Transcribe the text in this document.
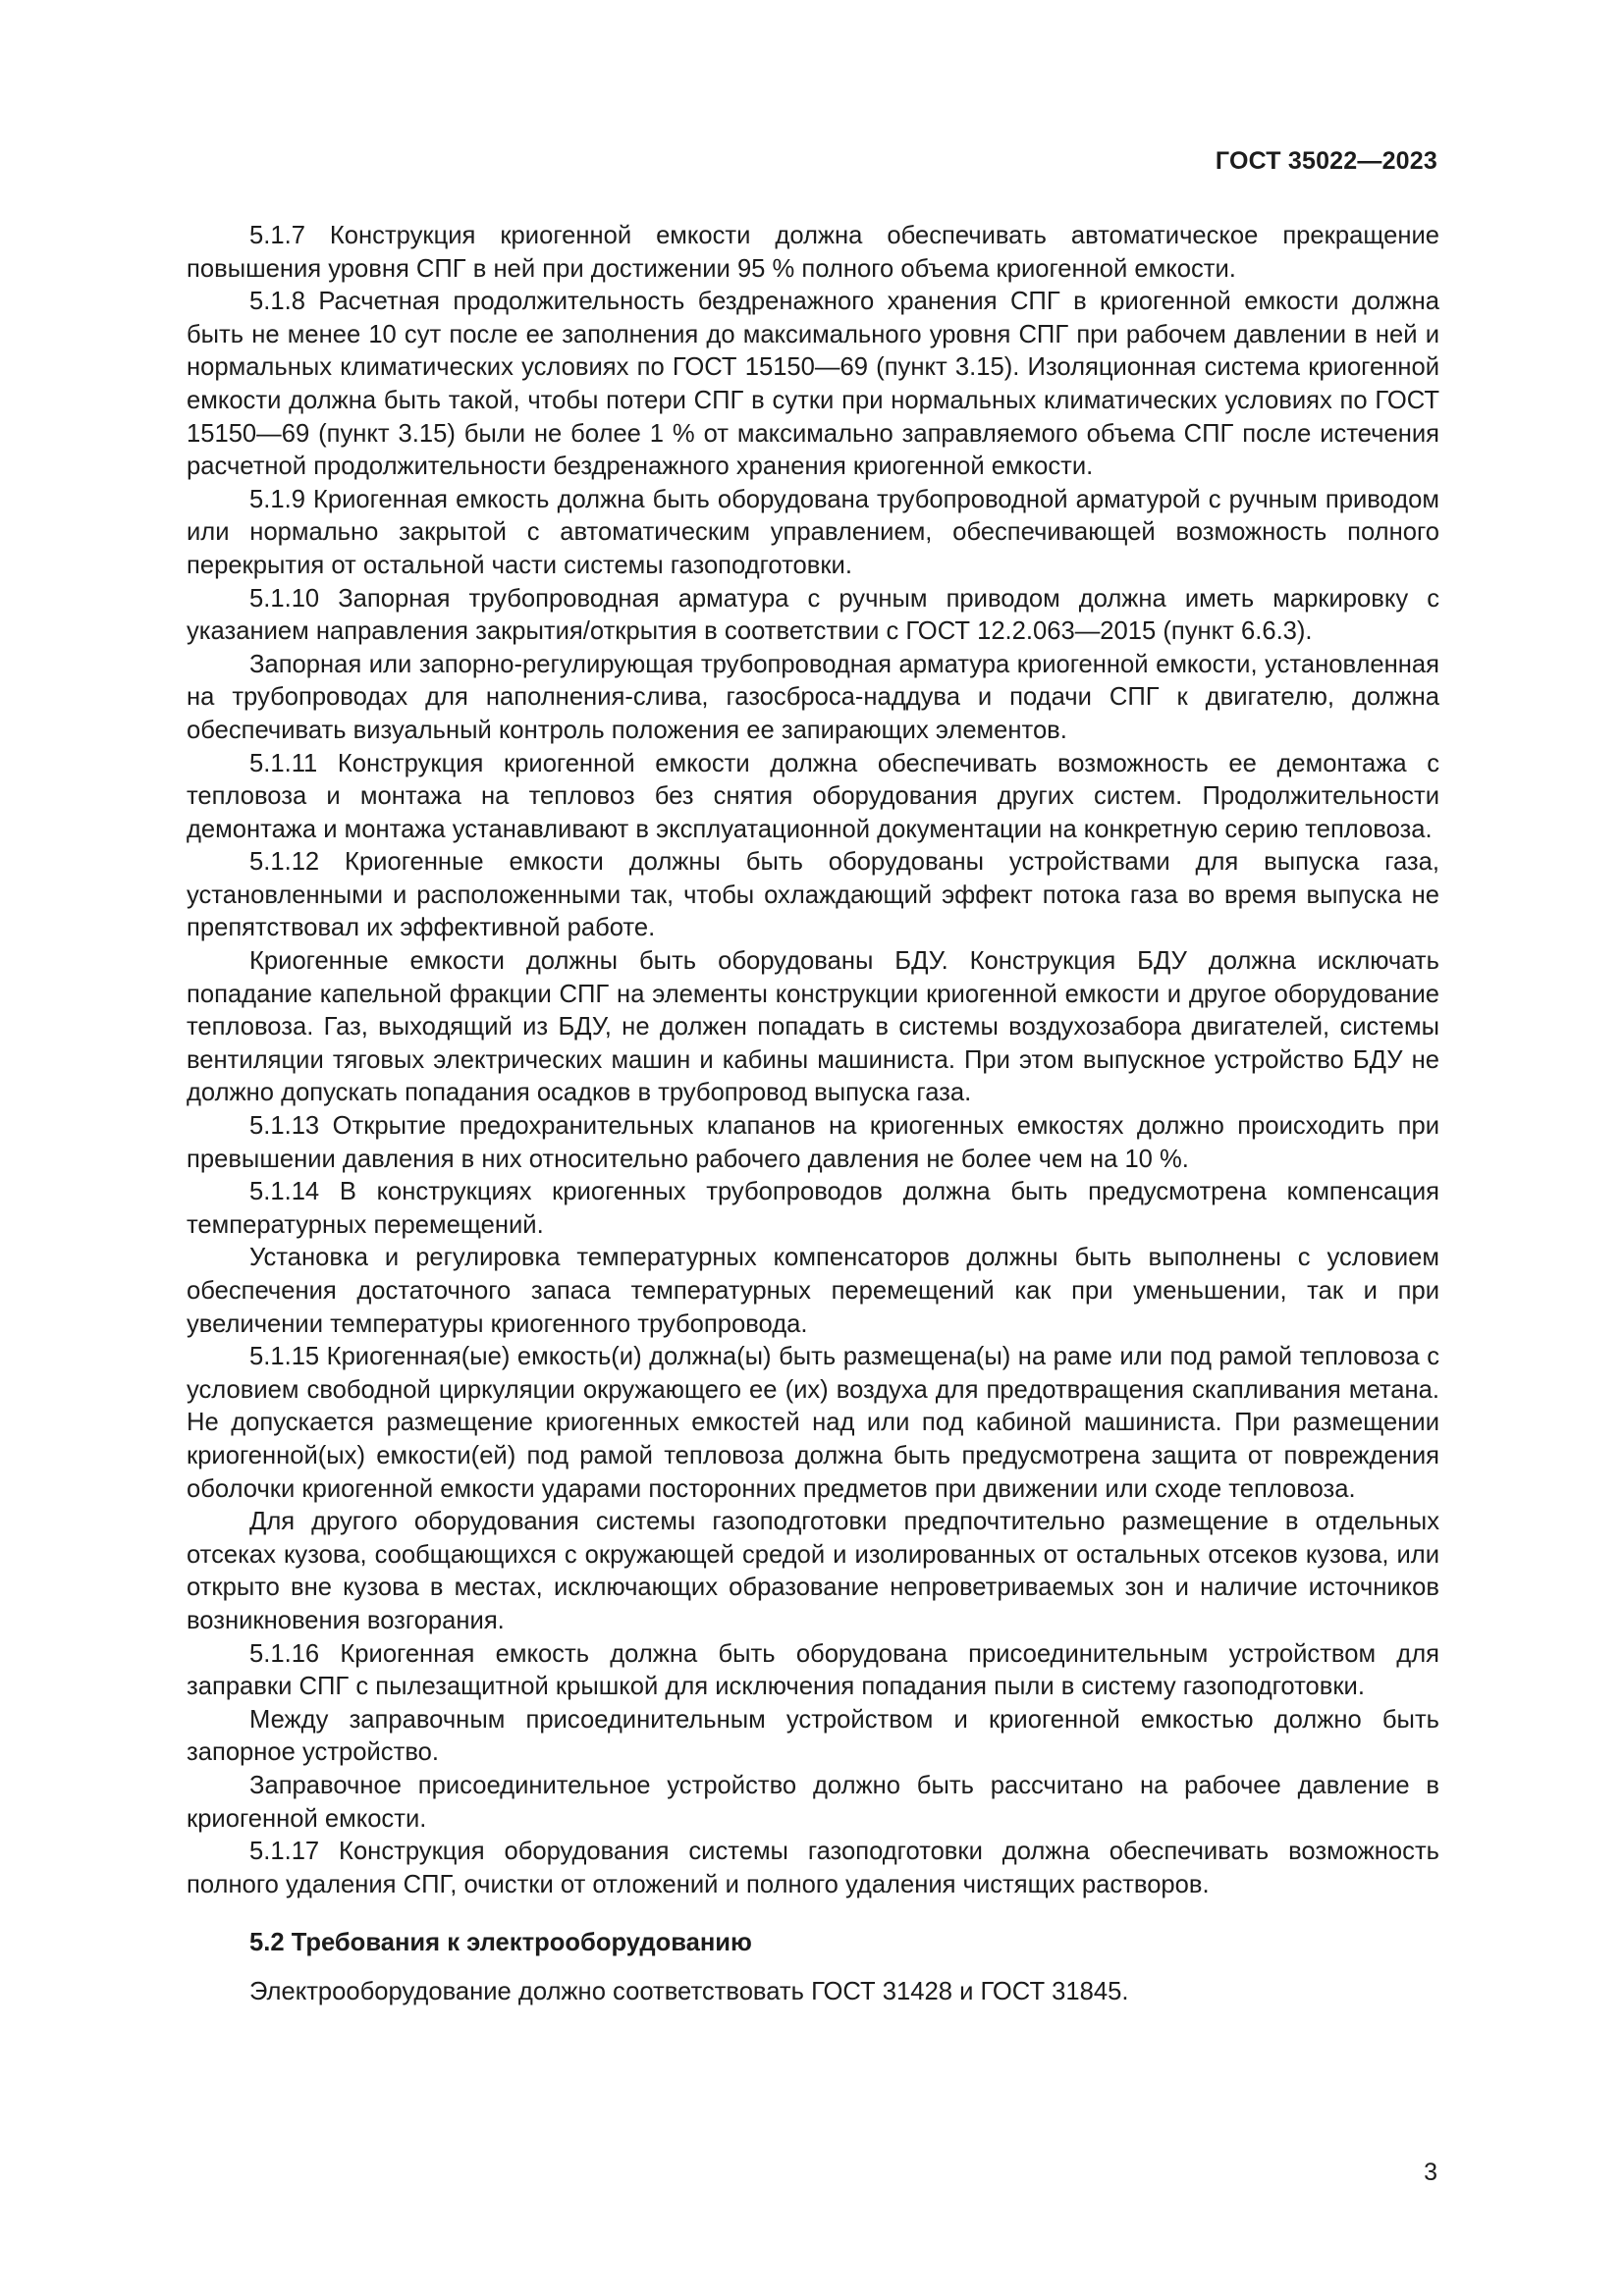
ГОСТ 35022—2023

5.1.7 Конструкция криогенной емкости должна обеспечивать автоматическое прекращение повышения уровня СПГ в ней при достижении 95 % полного объема криогенной емкости.

5.1.8 Расчетная продолжительность бездренажного хранения СПГ в криогенной емкости должна быть не менее 10 сут после ее заполнения до максимального уровня СПГ при рабочем давлении в ней и нормальных климатических условиях по ГОСТ 15150—69 (пункт 3.15). Изоляционная система криогенной емкости должна быть такой, чтобы потери СПГ в сутки при нормальных климатических условиях по ГОСТ 15150—69 (пункт 3.15) были не более 1 % от максимально заправляемого объема СПГ после истечения расчетной продолжительности бездренажного хранения криогенной емкости.

5.1.9 Криогенная емкость должна быть оборудована трубопроводной арматурой с ручным приводом или нормально закрытой с автоматическим управлением, обеспечивающей возможность полного перекрытия от остальной части системы газоподготовки.

5.1.10 Запорная трубопроводная арматура с ручным приводом должна иметь маркировку с указанием направления закрытия/открытия в соответствии с ГОСТ 12.2.063—2015 (пункт 6.6.3).

Запорная или запорно-регулирующая трубопроводная арматура криогенной емкости, установленная на трубопроводах для наполнения-слива, газосброса-наддува и подачи СПГ к двигателю, должна обеспечивать визуальный контроль положения ее запирающих элементов.

5.1.11 Конструкция криогенной емкости должна обеспечивать возможность ее демонтажа с тепловоза и монтажа на тепловоз без снятия оборудования других систем. Продолжительности демонтажа и монтажа устанавливают в эксплуатационной документации на конкретную серию тепловоза.

5.1.12 Криогенные емкости должны быть оборудованы устройствами для выпуска газа, установленными и расположенными так, чтобы охлаждающий эффект потока газа во время выпуска не препятствовал их эффективной работе.

Криогенные емкости должны быть оборудованы БДУ. Конструкция БДУ должна исключать попадание капельной фракции СПГ на элементы конструкции криогенной емкости и другое оборудование тепловоза. Газ, выходящий из БДУ, не должен попадать в системы воздухозабора двигателей, системы вентиляции тяговых электрических машин и кабины машиниста. При этом выпускное устройство БДУ не должно допускать попадания осадков в трубопровод выпуска газа.

5.1.13 Открытие предохранительных клапанов на криогенных емкостях должно происходить при превышении давления в них относительно рабочего давления не более чем на 10 %.

5.1.14 В конструкциях криогенных трубопроводов должна быть предусмотрена компенсация температурных перемещений.

Установка и регулировка температурных компенсаторов должны быть выполнены с условием обеспечения достаточного запаса температурных перемещений как при уменьшении, так и при увеличении температуры криогенного трубопровода.

5.1.15 Криогенная(ые) емкость(и) должна(ы) быть размещена(ы) на раме или под рамой тепловоза с условием свободной циркуляции окружающего ее (их) воздуха для предотвращения скапливания метана. Не допускается размещение криогенных емкостей над или под кабиной машиниста. При размещении криогенной(ых) емкости(ей) под рамой тепловоза должна быть предусмотрена защита от повреждения оболочки криогенной емкости ударами посторонних предметов при движении или сходе тепловоза.

Для другого оборудования системы газоподготовки предпочтительно размещение в отдельных отсеках кузова, сообщающихся с окружающей средой и изолированных от остальных отсеков кузова, или открыто вне кузова в местах, исключающих образование непроветриваемых зон и наличие источников возникновения возгорания.

5.1.16 Криогенная емкость должна быть оборудована присоединительным устройством для заправки СПГ с пылезащитной крышкой для исключения попадания пыли в систему газоподготовки.

Между заправочным присоединительным устройством и криогенной емкостью должно быть запорное устройство.

Заправочное присоединительное устройство должно быть рассчитано на рабочее давление в криогенной емкости.

5.1.17 Конструкция оборудования системы газоподготовки должна обеспечивать возможность полного удаления СПГ, очистки от отложений и полного удаления чистящих растворов.

5.2 Требования к электрооборудованию

Электрооборудование должно соответствовать ГОСТ 31428 и ГОСТ 31845.

3
